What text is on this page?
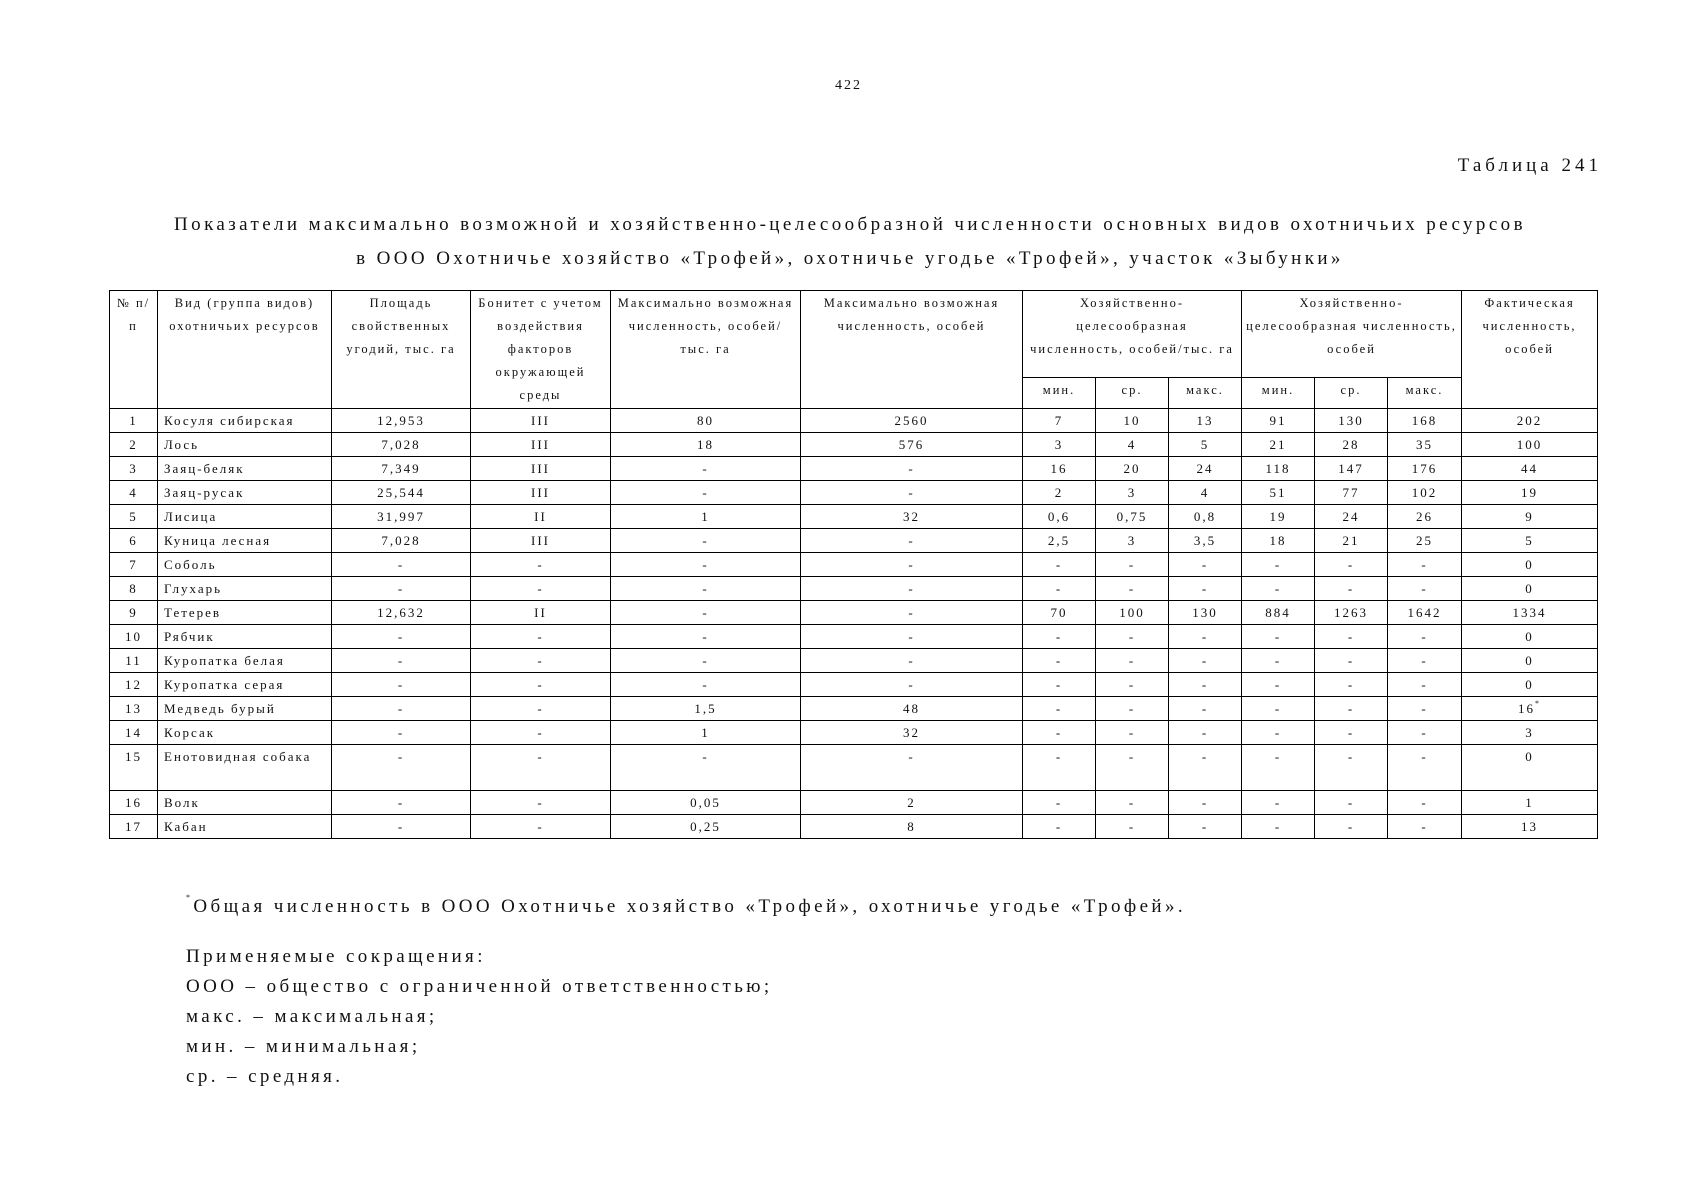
422
Таблица 241
Показатели максимально возможной и хозяйственно-целесообразной численности основных видов охотничьих ресурсов
в ООО Охотничье хозяйство «Трофей», охотничье угодье «Трофей», участок «Зыбунки»
№ п/п	Вид (группа видов) охотничьих ресурсов	Площадь свойственных угодий, тыс. га	Бонитет с учетом воздействия факторов окружающей среды	Максимально возможная численность, особей/тыс. га	Максимально возможная численность, особей	Хозяйственно-целесообразная численность, особей/тыс. га			Хозяйственно-целесообразная численность, особей			Фактическая численность, особей
						мин.	ср.	макс.	мин.	ср.	макс.	
1	Косуля сибирская	12,953	III	80	2560	7	10	13	91	130	168	202
2	Лось	7,028	III	18	576	3	4	5	21	28	35	100
3	Заяц-беляк	7,349	III	-	-	16	20	24	118	147	176	44
4	Заяц-русак	25,544	III	-	-	2	3	4	51	77	102	19
5	Лисица	31,997	II	1	32	0,6	0,75	0,8	19	24	26	9
6	Куница лесная	7,028	III	-	-	2,5	3	3,5	18	21	25	5
7	Соболь	-	-	-	-	-	-	-	-	-	-	0
8	Глухарь	-	-	-	-	-	-	-	-	-	-	0
9	Тетерев	12,632	II	-	-	70	100	130	884	1263	1642	1334
10	Рябчик	-	-	-	-	-	-	-	-	-	-	0
11	Куропатка белая	-	-	-	-	-	-	-	-	-	-	0
12	Куропатка серая	-	-	-	-	-	-	-	-	-	-	0
13	Медведь бурый	-	-	1,5	48	-	-	-	-	-	-	16*
14	Корсак	-	-	1	32	-	-	-	-	-	-	3
15	Енотовидная собака	-	-	-	-	-	-	-	-	-	-	0
16	Волк	-	-	0,05	2	-	-	-	-	-	-	1
17	Кабан	-	-	0,25	8	-	-	-	-	-	-	13
*Общая численность в ООО Охотничье хозяйство «Трофей», охотничье угодье «Трофей».
Применяемые сокращения:
ООО – общество с ограниченной ответственностью;
макс. – максимальная;
мин. – минимальная;
ср. – средняя.
